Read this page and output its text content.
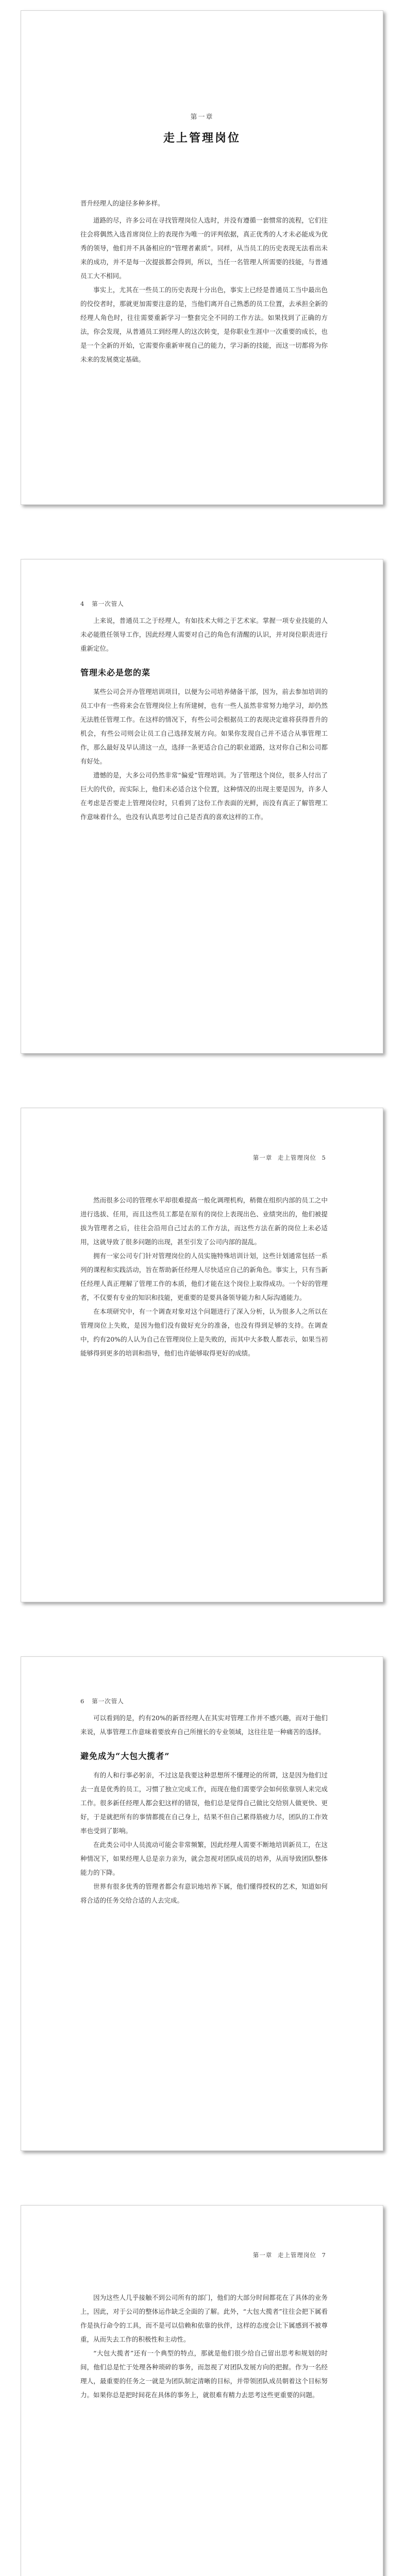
第一章
走上管理岗位

晋升经理人的途径多种多样。

道路的尽，许多公司在寻找管理岗位人选时，并没有遵循一套惯常的流程，它们往往会将偶然入选首席岗位上的表现作为唯一的评判依据，真正优秀的人才未必能成为优秀的领导，他们并不具备相应的“管理者素质”。同样，从当员工的历史表现无法看出未来的成功，并不是每一次提拔都会得到，所以，当任一名管理人所需要的技能，与普通员工大不相同。

事实上，尤其在一些员工的历史表现十分出色，事实上已经是普通员工当中最出色的佼佼者时，那就更加需要注意的是，当他们离开自己熟悉的员工位置，去承担全新的经理人角色时，往往需要重新学习一整套完全不同的工作方法。如果找到了正确的方法，你会发现，从普通员工到经理人的这次转变，是你职业生涯中一次重要的成长，也是一个全新的开始，它需要你重新审视自己的能力，学习新的技能，而这一切都将为你未来的发展奠定基础。

4 第一次管人

上来说，普通员工之于经理人，有如技术大师之于艺术家。掌握一项专业技能的人未必能胜任领导工作，因此经理人需要对自己的角色有清醒的认识，并对岗位职责进行重新定位。

管理未必是您的菜

某些公司会开办管理培训项目，以便为公司培养储备干部，因为，前去参加培训的员工中有一些将来会在管理岗位上有所建树，也有一些人虽然非常努力地学习，却仍然无法胜任管理工作。在这样的情况下，有些公司会根据员工的表现决定谁将获得晋升的机会，有些公司则会让员工自己选择发展方向。如果你发现自己并不适合从事管理工作，那么最好及早认清这一点，选择一条更适合自己的职业道路，这对你自己和公司都有好处。

遗憾的是，大多公司仍然非常“偏爱”管理培训。为了管理这个岗位，很多人付出了巨大的代价，而实际上，他们未必适合这个位置，这种情况的出现主要是因为，许多人在考虑是否要走上管理岗位时，只看到了这份工作表面的光鲜，而没有真正了解管理工作意味着什么，也没有认真思考过自己是否真的喜欢这样的工作。

第一章 走上管理岗位 5

然而很多公司的管理水平却很难提高一般化调理机构，稍微在组织内部的员工之中进行选拔、任用，而且这些员工都是在原有的岗位上表现出色、业绩突出的，他们被提拔为管理者之后，往往会沿用自己过去的工作方法，而这些方法在新的岗位上未必适用，这就导致了很多问题的出现，甚至引发了公司内部的混乱。

拥有一家公司专门针对管理岗位的人员实施特殊培训计划，这些计划通常包括一系列的课程和实践活动，旨在帮助新任经理人尽快适应自己的新角色。事实上，只有当新任经理人真正理解了管理工作的本质，他们才能在这个岗位上取得成功。一个好的管理者，不仅要有专业的知识和技能，更重要的是要具备领导能力和人际沟通能力。

在本项研究中，有一个调查对象对这个问题进行了深入分析，认为很多人之所以在管理岗位上失败，是因为他们没有做好充分的准备，也没有得到足够的支持。在调查中，约有20%的人认为自己在管理岗位上是失败的，而其中大多数人都表示，如果当初能够得到更多的培训和指导，他们也许能够取得更好的成绩。

6 第一次管人

可以看到的是，约有20%的新晋经理人在其实对管理工作并不感兴趣，而对于他们来说，从事管理工作意味着要放弃自己所擅长的专业领域，这往往是一种痛苦的选择。

避免成为“大包大揽者”

有的人和行事必躬亲，不过这是我要这种思想所不懂理论的所谓，这是因为他们过去一直是优秀的员工，习惯了独立完成工作，而现在他们需要学会如何依靠别人来完成工作。很多新任经理人都会犯这样的错误，他们总是觉得自己做比交给别人做更快、更好，于是就把所有的事情都揽在自己身上，结果不但自己累得筋疲力尽，团队的工作效率也受到了影响。

在此类公司中人员流动可能会非常频繁，因此经理人需要不断地培训新员工，在这种情况下，如果经理人总是亲力亲为，就会忽视对团队成员的培养，从而导致团队整体能力的下降。

世界有很多优秀的管理者都会有意识地培养下属，他们懂得授权的艺术，知道如何将合适的任务交给合适的人去完成。

第一章 走上管理岗位 7

因为这些人几乎接触不到公司所有的部门，他们的大部分时间都花在了具体的业务上，因此，对于公司的整体运作缺乏全面的了解。此外，“大包大揽者”往往会把下属看作是执行命令的工具，而不是可以信赖和依靠的伙伴，这样的态度会让下属感到不被尊重，从而失去工作的积极性和主动性。

“大包大揽者”还有一个典型的特点，那就是他们很少给自己留出思考和规划的时间，他们总是忙于处理各种琐碎的事务，而忽视了对团队发展方向的把握。作为一名经理人，最重要的任务之一就是为团队制定清晰的目标，并带领团队成员朝着这个目标努力。如果你总是把时间花在具体的事务上，就很难有精力去思考这些更重要的问题。
